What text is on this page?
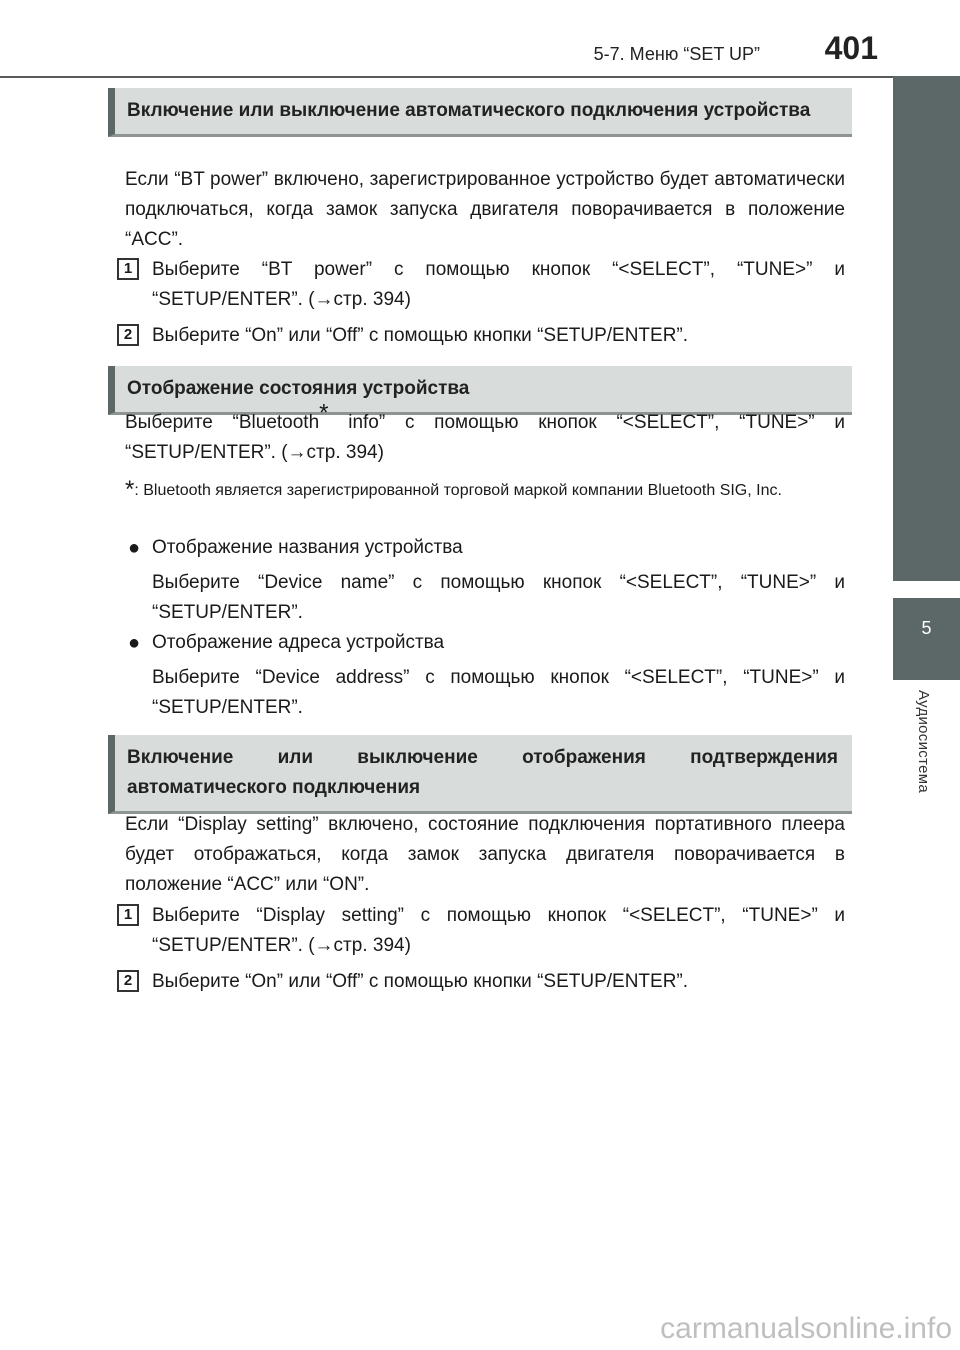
5-7. Меню “SET UP” 401
5
Аудиосистема
Включение или выключение автоматического подключения устройства
Если “BT power” включено, зарегистрированное устройство будет автоматически подключаться, когда замок запуска двигателя поворачивается в положение “ACC”.
1	Выберите “BT power” с помощью кнопок “<SELECT”, “TUNE>” и “SETUP/ENTER”. (→стр. 394)
2	Выберите “On” или “Off” с помощью кнопки “SETUP/ENTER”.
Отображение состояния устройства
Выберите “Bluetooth* info” с помощью кнопок “<SELECT”, “TUNE>” и “SETUP/ENTER”. (→стр. 394)
*: Bluetooth является зарегистрированной торговой маркой компании Bluetooth SIG, Inc.
● Отображение названия устройства
Выберите “Device name” с помощью кнопок “<SELECT”, “TUNE>” и “SETUP/ENTER”.
● Отображение адреса устройства
Выберите “Device address” с помощью кнопок “<SELECT”, “TUNE>” и “SETUP/ENTER”.
Включение или выключение отображения подтверждения автоматического подключения
Если “Display setting” включено, состояние подключения портативного плеера будет отображаться, когда замок запуска двигателя поворачивается в положение “ACC” или “ON”.
1	Выберите “Display setting” с помощью кнопок “<SELECT”, “TUNE>” и “SETUP/ENTER”. (→стр. 394)
2	Выберите “On” или “Off” с помощью кнопки “SETUP/ENTER”.
carmanualsonline.info
